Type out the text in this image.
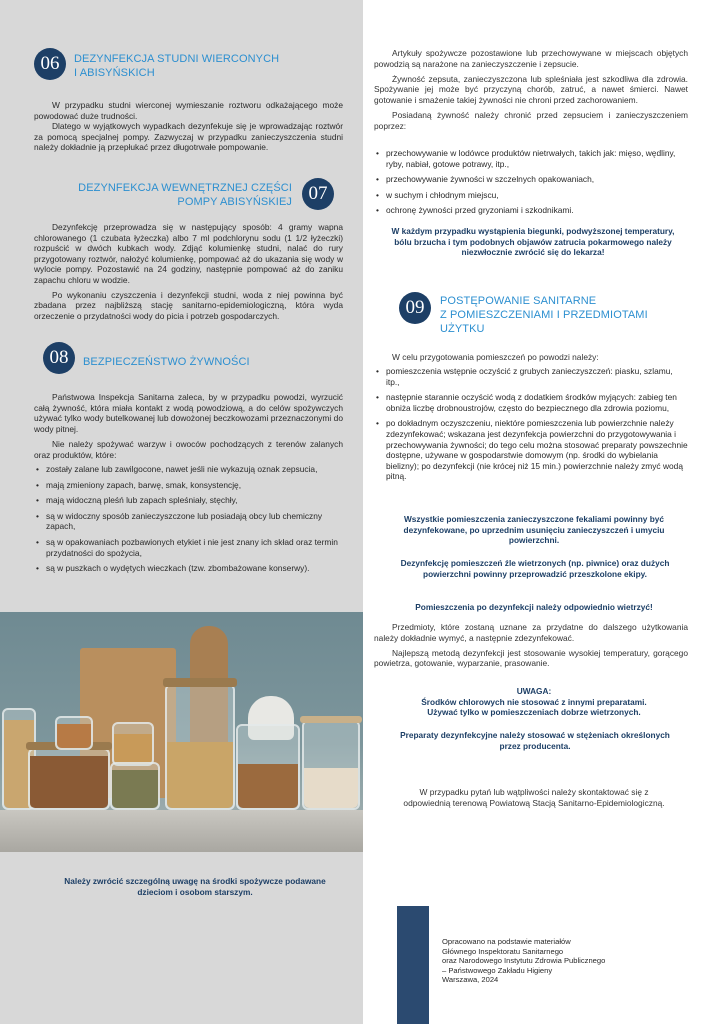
06	DEZYNFEKCJA STUDNI WIERCONYCH
I ABISYŃSKICH

W przypadku studni wierconej wymieszanie roztworu odkażającego może powodować duże trudności.

Dlatego w wyjątkowych wypadkach dezynfekuje się je wprowadzając roztwór za pomocą specjalnej pompy. Zazwyczaj w przypadku zanieczyszczenia studni należy dokładnie ją przepłukać przez długotrwałe pompowanie.

DEZYNFEKCJA WEWNĘTRZNEJ CZĘŚCI
POMPY ABISYŃSKIEJ 07

Dezynfekcję przeprowadza się w następujący sposób: 4 gramy wapna chlorowanego (1 czubata łyżeczka) albo 7 ml podchlorynu sodu (1 1/2 łyżeczki) rozpuścić w dwóch kubkach wody. Zdjąć kolumienkę studni, nalać do rury przygotowany roztwór, nałożyć kolumienkę, pompować aż do ukazania się wody w wylocie pompy. Pozostawić na 24 godziny, następnie pompować aż do zaniku zapachu chloru w wodzie.

Po wykonaniu czyszczenia i dezynfekcji studni, woda z niej powinna być zbadana przez najbliższą stację sanitarno-epidemiologiczną, która wyda orzeczenie o przydatności wody do picia i potrzeb gospodarczych.

08	BEZPIECZEŃSTWO ŻYWNOŚCI

Państwowa Inspekcja Sanitarna zaleca, by w przypadku powodzi, wyrzucić całą żywność, która miała kontakt z wodą powodziową, a do celów spożywczych używać tylko wody butelkowanej lub dowożonej beczkowozami przeznaczonymi do wody pitnej.

Nie należy spożywać warzyw i owoców pochodzących z terenów zalanych oraz produktów, które:

• zostały zalane lub zawilgocone, nawet jeśli nie wykazują oznak zepsucia,
• mają zmieniony zapach, barwę, smak, konsystencję,
• mają widoczną pleśń lub zapach spleśniały, stęchły,
• są w widoczny sposób zanieczyszczone lub posiadają obcy lub chemiczny zapach,
• są w opakowaniach pozbawionych etykiet i nie jest znany ich skład oraz termin przydatności do spożycia,
• są w puszkach o wydętych wieczkach (tzw. zbombażowane konserwy).
Należy zwrócić szczególną uwagę na środki spożywcze podawane dzieciom i osobom starszym.

Artykuły spożywcze pozostawione lub przechowywane w miejscach objętych powodzią są narażone na zanieczyszczenie i zepsucie.

Żywność zepsuta, zanieczyszczona lub spleśniała jest szkodliwa dla zdrowia. Spożywanie jej może być przyczyną chorób, zatruć, a nawet śmierci. Nawet gotowanie i smażenie takiej żywności nie chroni przed zachorowaniem.

Posiadaną żywność należy chronić przed zepsuciem i zanieczyszczeniem poprzez:

• przechowywanie w lodówce produktów nietrwałych, takich jak: mięso, wędliny, ryby, nabiał, gotowe potrawy, itp.,
• przechowywanie żywności w szczelnych opakowaniach,
• w suchym i chłodnym miejscu,
• ochronę żywności przed gryzoniami i szkodnikami.
W każdym przypadku wystąpienia biegunki, podwyższonej temperatury, bólu brzucha i tym podobnych objawów zatrucia pokarmowego należy niezwłocznie zwrócić się do lekarza!
09	POSTĘPOWANIE SANITARNE
Z POMIESZCZENIAMI I PRZEDMIOTAMI
UŻYTKU

W celu przygotowania pomieszczeń po powodzi należy:

• pomieszczenia wstępnie oczyścić z grubych zanieczyszczeń: piasku, szlamu, itp.,
• następnie starannie oczyścić wodą z dodatkiem środków myjących: zabieg ten obniża liczbę drobnoustrojów, często do bezpiecznego dla zdrowia poziomu,
• po dokładnym oczyszczeniu, niektóre pomieszczenia lub powierzchnie należy zdezynfekować; wskazana jest dezynfekcja powierzchni do przygotowywania i przechowywania żywności; do tego celu można stosować preparaty powszechnie dostępne, używane w gospodarstwie domowym (np. środki do wybielania bielizny); po dezynfekcji (nie krócej niż 15 min.) powierzchnie należy zmyć wodą pitną.
Wszystkie pomieszczenia zanieczyszczone fekaliami powinny być dezynfekowane, po uprzednim usunięciu zanieczyszczeń i umyciu powierzchni.
Dezynfekcję pomieszczeń źle wietrzonych (np. piwnice) oraz dużych powierzchni powinny przeprowadzić przeszkolone ekipy.
Pomieszczenia po dezynfekcji należy odpowiednio wietrzyć!

Przedmioty, które zostaną uznane za przydatne do dalszego użytkowania należy dokładnie wymyć, a następnie zdezynfekować.

Najlepszą metodą dezynfekcji jest stosowanie wysokiej temperatury, gorącego powietrza, gotowanie, wyparzanie, prasowanie.

UWAGA:
Środków chlorowych nie stosować z innymi preparatami.
Używać tylko w pomieszczeniach dobrze wietrzonych.
Preparaty dezynfekcyjne należy stosować w stężeniach określonych przez producenta.
W przypadku pytań lub wątpliwości należy skontaktować się z odpowiednią terenową Powiatową Stacją Sanitarno-Epidemiologiczną.
Opracowano na podstawie materiałów
Głównego Inspektoratu Sanitarnego
oraz Narodowego Instytutu Zdrowia Publicznego
– Państwowego Zakładu Higieny
Warszawa, 2024
